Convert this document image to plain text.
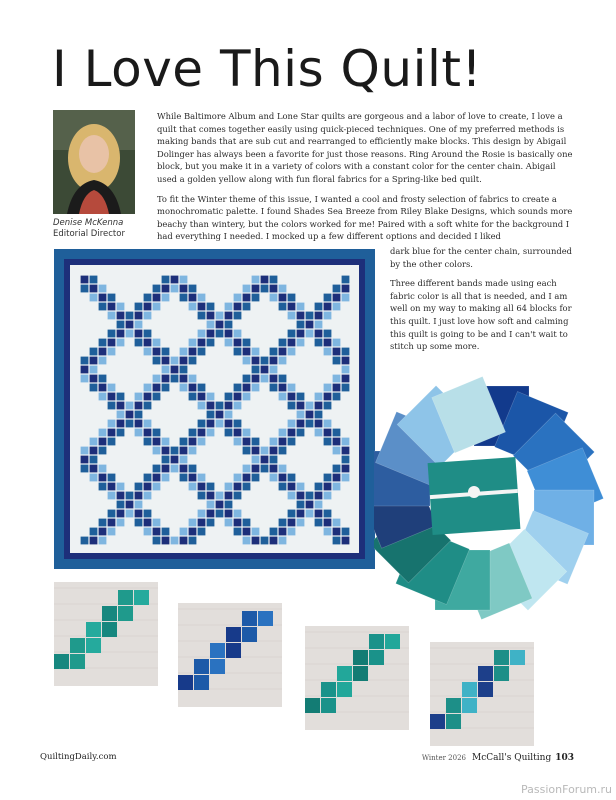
I Love This Quilt!
Denise McKenna
Editorial Director

While Baltimore Album and Lone Star quilts are gorgeous and a labor of love to create, I love a quilt that comes together easily using quick-pieced techniques. One of my preferred methods is making bands that are sub cut and rearranged to efficiently make blocks. This design by Abigail Dolinger has always been a favorite for just those reasons. Ring Around the Rosie is basically one block, but you make it in a variety of colors with a constant color for the center chain. Abigail used a golden yellow along with fun floral fabrics for a Spring-like bed quilt.

To fit the Winter theme of this issue, I wanted a cool and frosty selection of fabrics to create a monochromatic palette. I found Shades Sea Breeze from Riley Blake Designs, which sounds more beachy than wintery, but the colors worked for me! Paired with a soft white for the background I had everything I needed. I mocked up a few different options and decided I liked

dark blue for the center chain, surrounded by the other colors.

Three different bands made using each fabric color is all that is needed, and I am well on my way to making all 64 blocks for this quilt. I just love how soft and calming this quilt is going to be and I can't wait to stitch up some more.

QuiltingDaily.com	Winter 2026 McCall's Quilting 103
PassionForum.ru
